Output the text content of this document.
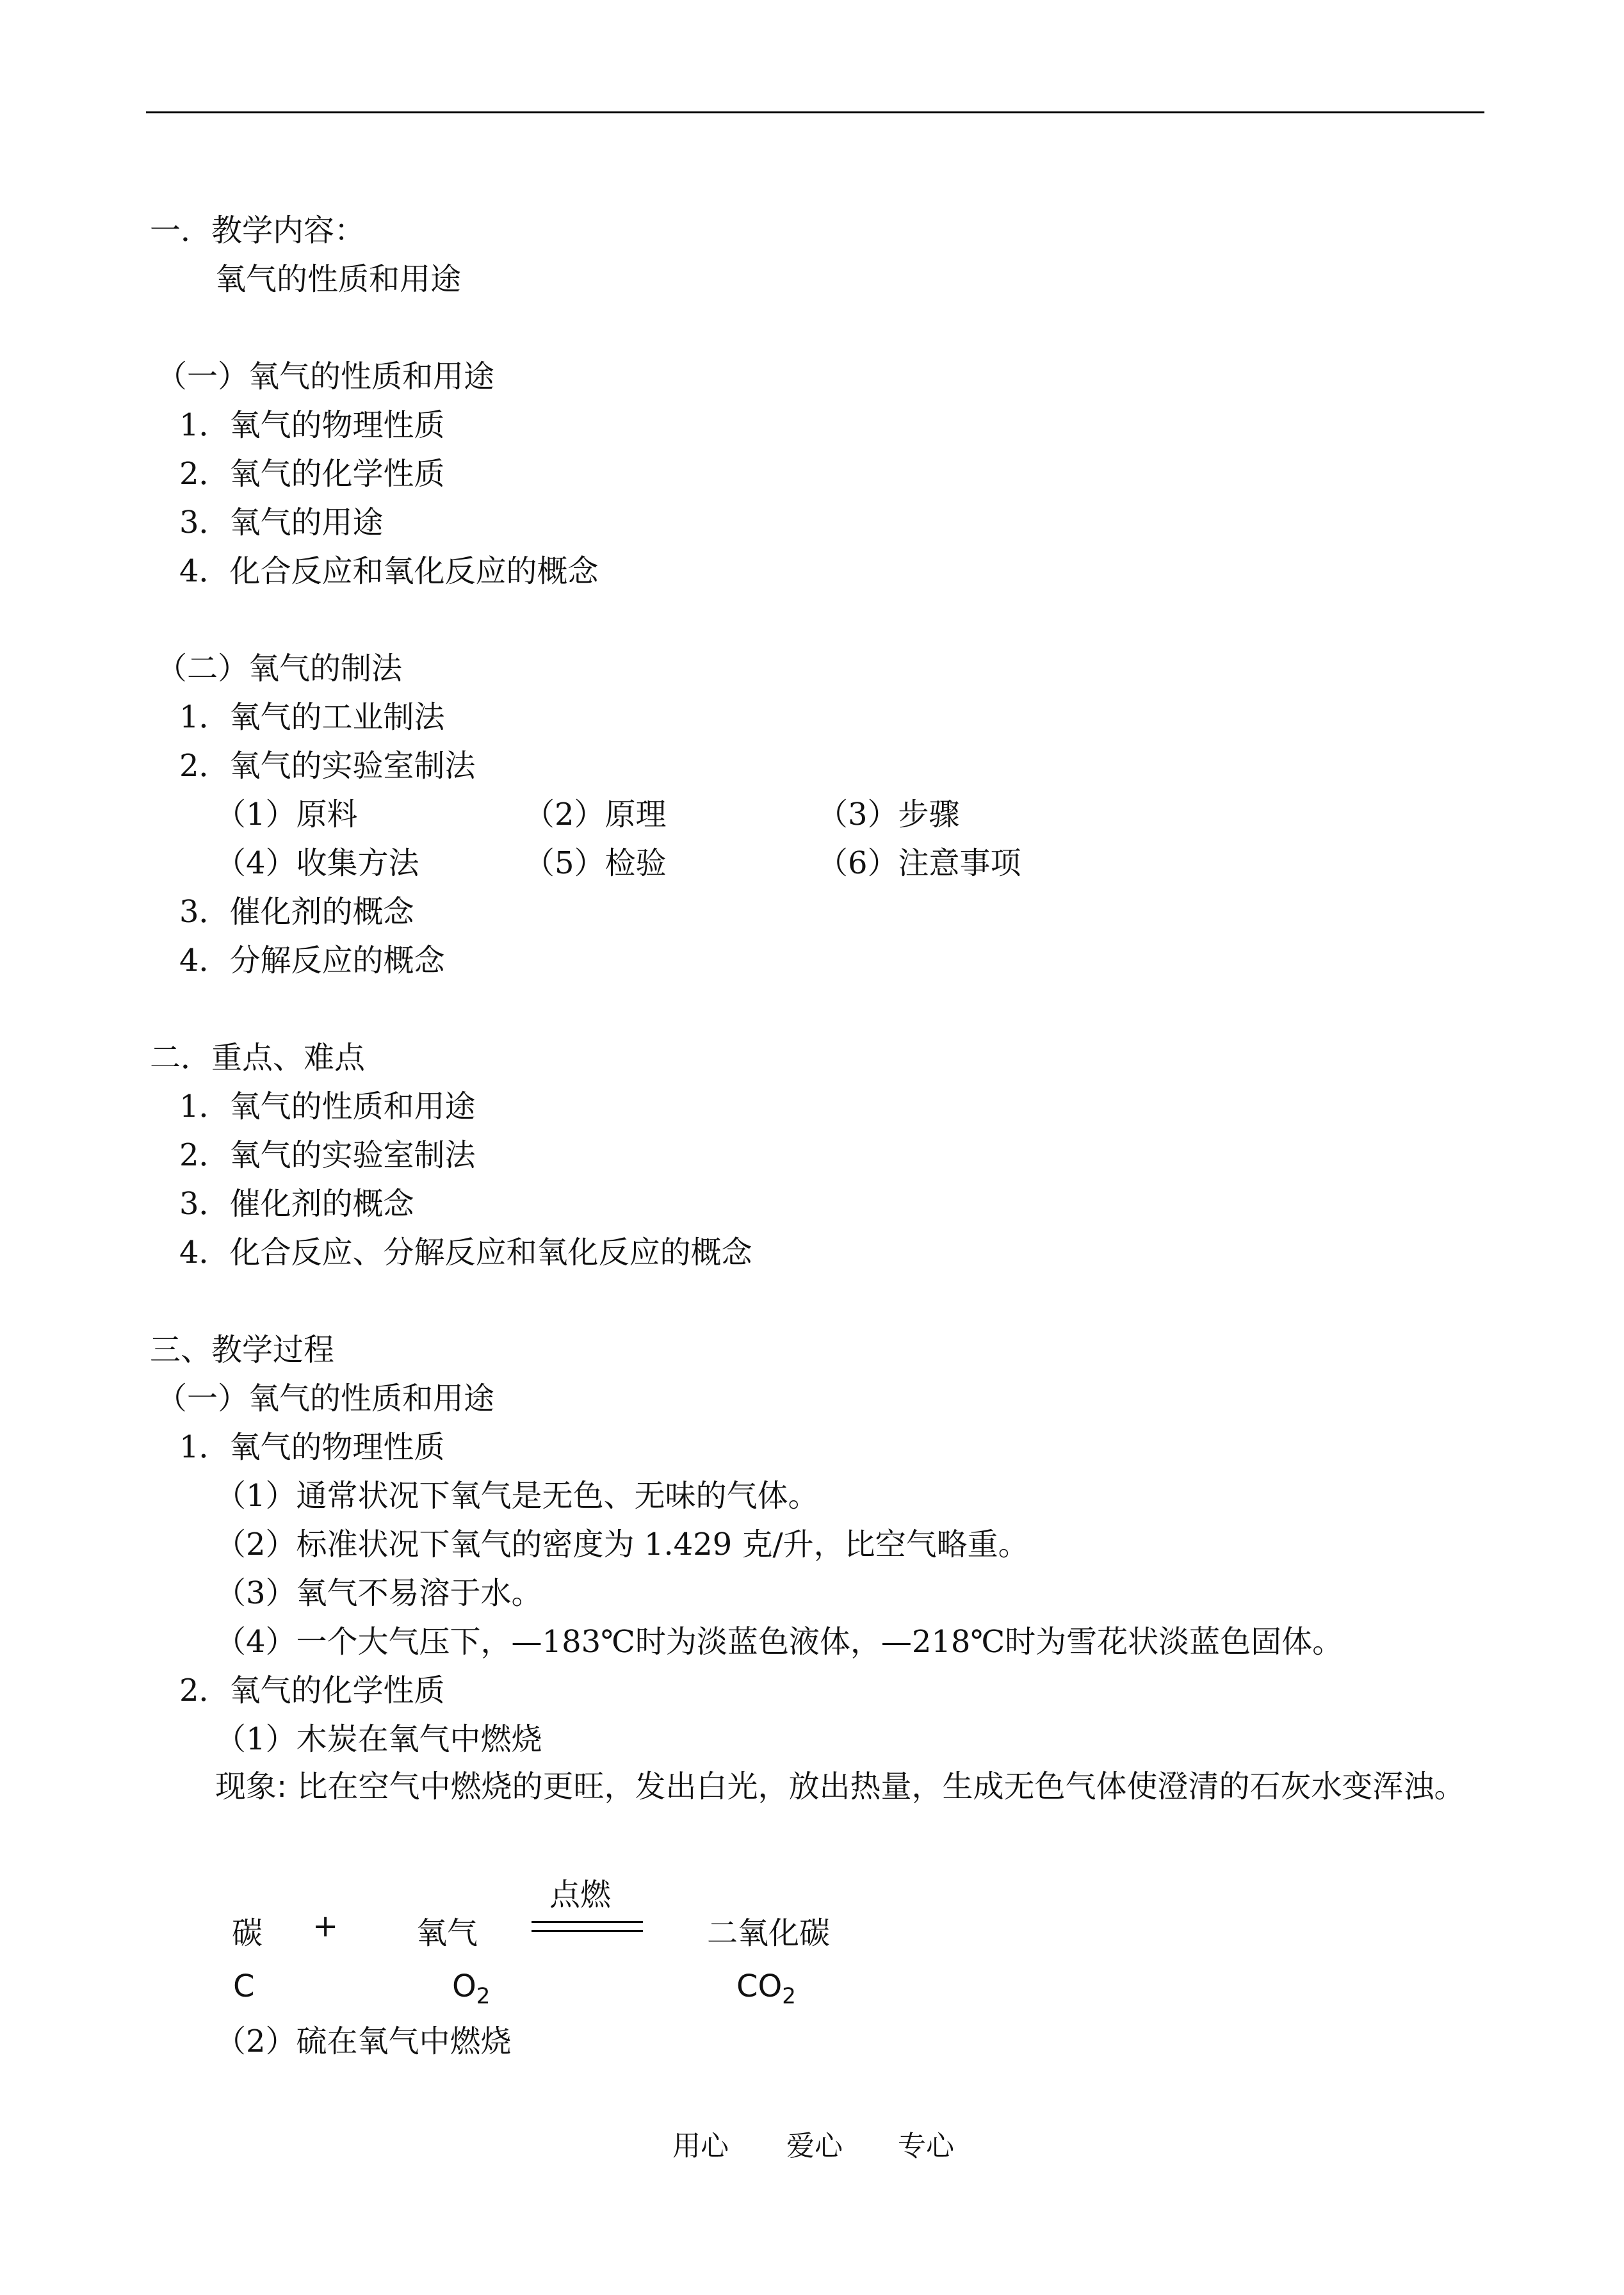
一．教学内容：
氧气的性质和用途
（一）氧气的性质和用途
1．氧气的物理性质
2．氧气的化学性质
3．氧气的用途
4．化合反应和氧化反应的概念
（二）氧气的制法
1．氧气的工业制法
2．氧气的实验室制法
（1）原料	（2）原理	（3）步骤
（4）收集方法	（5）检验	（6）注意事项
3．催化剂的概念
4．分解反应的概念
二．重点、难点
1．氧气的性质和用途
2．氧气的实验室制法
3．催化剂的概念
4．化合反应、分解反应和氧化反应的概念
三、教学过程
（一）氧气的性质和用途
1．氧气的物理性质
（1）通常状况下氧气是无色、无味的气体。
（2）标准状况下氧气的密度为 1.429 克/升，比空气略重。
（3）氧气不易溶于水。
（4）一个大气压下，—183℃时为淡蓝色液体，—218℃时为雪花状淡蓝色固体。
2．氧气的化学性质
（1）木炭在氧气中燃烧
现象: 比在空气中燃烧的更旺，发出白光，放出热量，生成无色气体使澄清的石灰水变浑浊。
点燃
碳 +	氧气	二氧化碳
C	$O_2$	$CO_2$
（2）硫在氧气中燃烧
用心 爱心 专心
